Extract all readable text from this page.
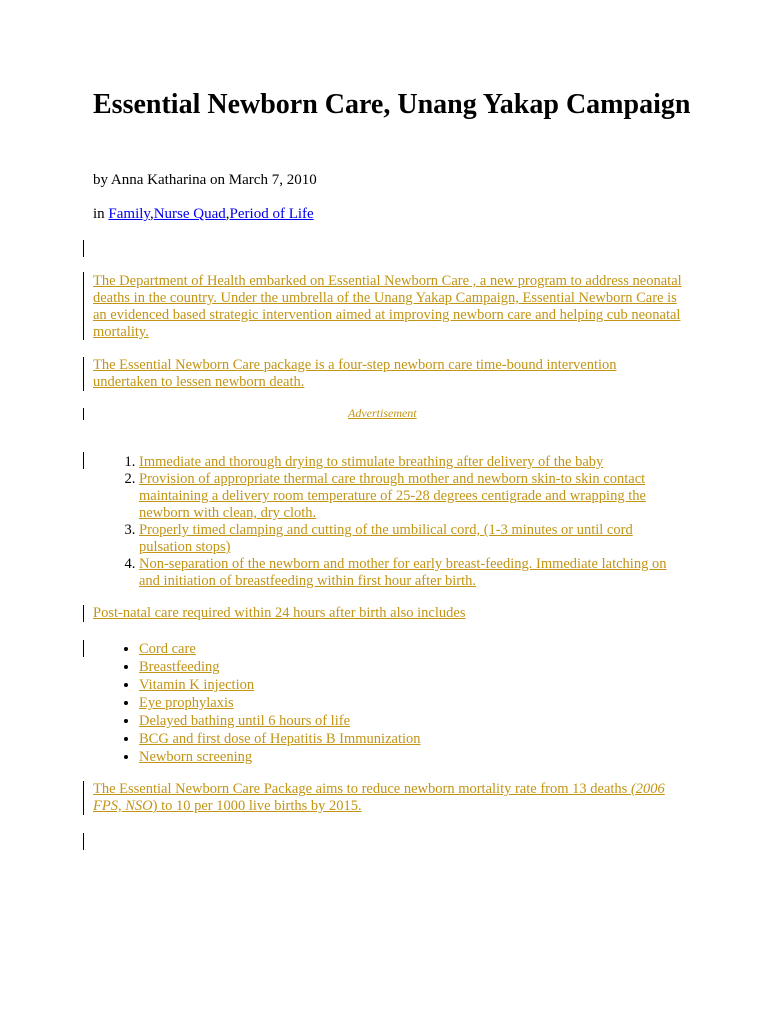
Essential Newborn Care, Unang Yakap Campaign
by Anna Katharina on March 7, 2010
in Family,Nurse Quad,Period of Life

The Department of Health embarked on Essential Newborn Care , a new program to address neonatal deaths in the country. Under the umbrella of the Unang Yakap Campaign, Essential Newborn Care is an evidenced based strategic intervention aimed at improving newborn care and helping cub neonatal mortality.

The Essential Newborn Care package is a four-step newborn care time-bound intervention undertaken to lessen newborn death.

Advertisement
1. Immediate and thorough drying to stimulate breathing after delivery of the baby
2. Provision of appropriate thermal care through mother and newborn skin-to skin contact maintaining a delivery room temperature of 25-28 degrees centigrade and wrapping the newborn with clean, dry cloth.
3. Properly timed clamping and cutting of the umbilical cord, (1-3 minutes or until cord pulsation stops)
4. Non-separation of the newborn and mother for early breast-feeding. Immediate latching on and initiation of breastfeeding within first hour after birth.

Post-natal care required within 24 hours after birth also includes

• Cord care
• Breastfeeding
• Vitamin K injection
• Eye prophylaxis
• Delayed bathing until 6 hours of life
• BCG and first dose of Hepatitis B Immunization
• Newborn screening

The Essential Newborn Care Package aims to reduce newborn mortality rate from 13 deaths (2006 FPS, NSO) to 10 per 1000 live births by 2015.
